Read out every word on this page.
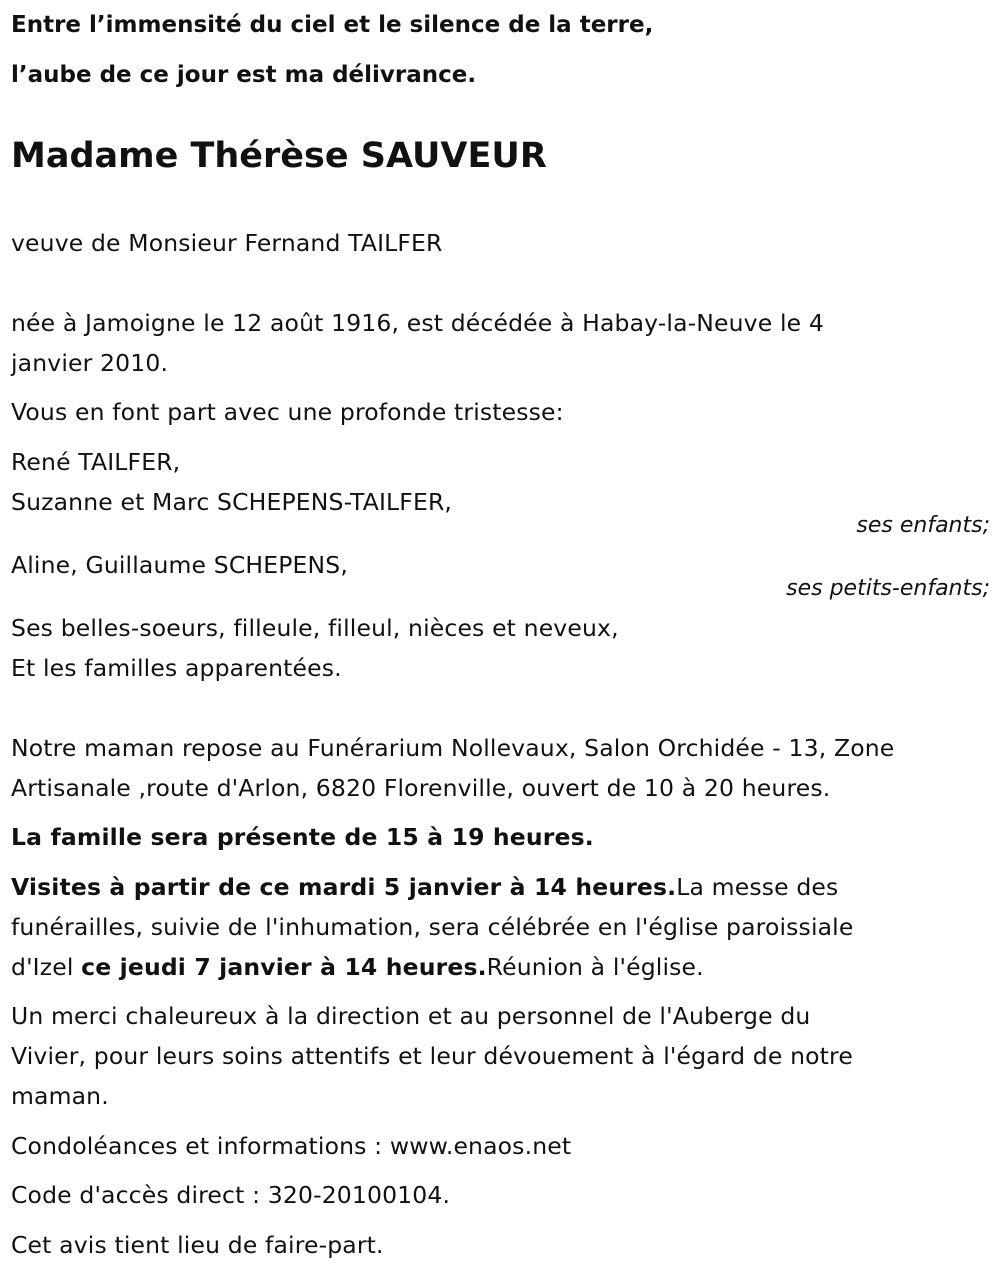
Entre l’immensité du ciel et le silence de la terre,

l’aube de ce jour est ma délivrance.

Madame Thérèse SAUVEUR

veuve de Monsieur Fernand TAILFER

née à Jamoigne le 12 août 1916, est décédée à Habay-la-Neuve le 4

janvier 2010.

Vous en font part avec une profonde tristesse:

René TAILFER,

Suzanne et Marc SCHEPENS-TAILFER,

ses enfants;

Aline, Guillaume SCHEPENS,

ses petits-enfants;

Ses belles-soeurs, filleule, filleul, nièces et neveux,

Et les familles apparentées.

Notre maman repose au Funérarium Nollevaux, Salon Orchidée - 13, Zone

Artisanale ,route d'Arlon, 6820 Florenville, ouvert de 10 à 20 heures.

La famille sera présente de 15 à 19 heures.

Visites à partir de ce mardi 5 janvier à 14 heures.La messe des

funérailles, suivie de l'inhumation, sera célébrée en l'église paroissiale

d'Izel ce jeudi 7 janvier à 14 heures.Réunion à l'église.

Un merci chaleureux à la direction et au personnel de l'Auberge du

Vivier, pour leurs soins attentifs et leur dévouement à l'égard de notre

maman.

Condoléances et informations : www.enaos.net

Code d'accès direct : 320-20100104.

Cet avis tient lieu de faire-part.
